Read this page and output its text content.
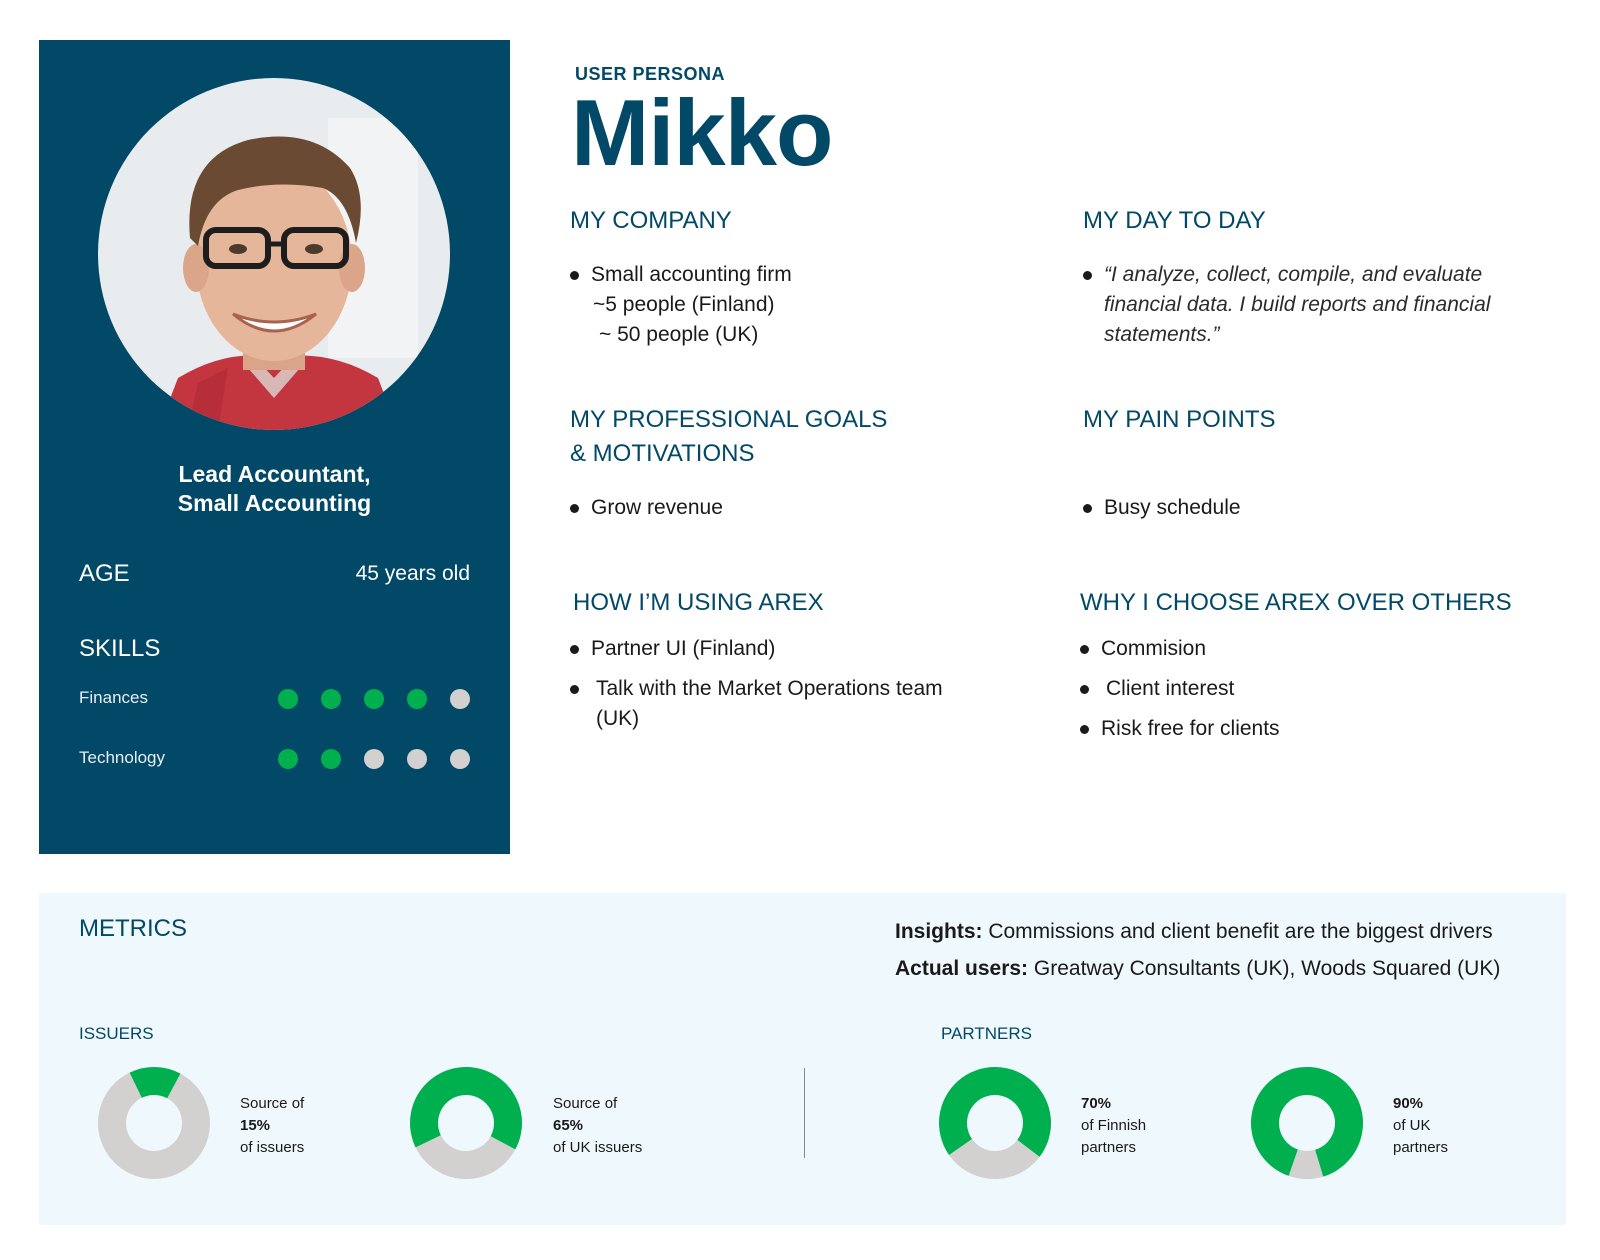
Lead Accountant,
Small Accounting
AGE	45 years old
SKILLS
Finances
Technology
USER PERSONA
Mikko
MY COMPANY
Small accounting firm
~5 people (Finland)
~ 50 people (UK)
MY DAY TO DAY
“I analyze, collect, compile, and evaluate financial data. I build reports and financial statements.”
MY PROFESSIONAL GOALS
& MOTIVATIONS
Grow revenue
MY PAIN POINTS
Busy schedule
HOW I’M USING AREX
Partner UI (Finland)
Talk with the Market Operations team (UK)
WHY I CHOOSE AREX OVER OTHERS
Commision
Client interest
Risk free for clients
METRICS	Insights: Commissions and client benefit are the biggest drivers
Actual users: Greatway Consultants (UK), Woods Squared (UK)
ISSUERS	PARTNERS
Source of
15%
of issuers
Source of
65%
of UK issuers
70%
of Finnish
partners
90%
of UK
partners
